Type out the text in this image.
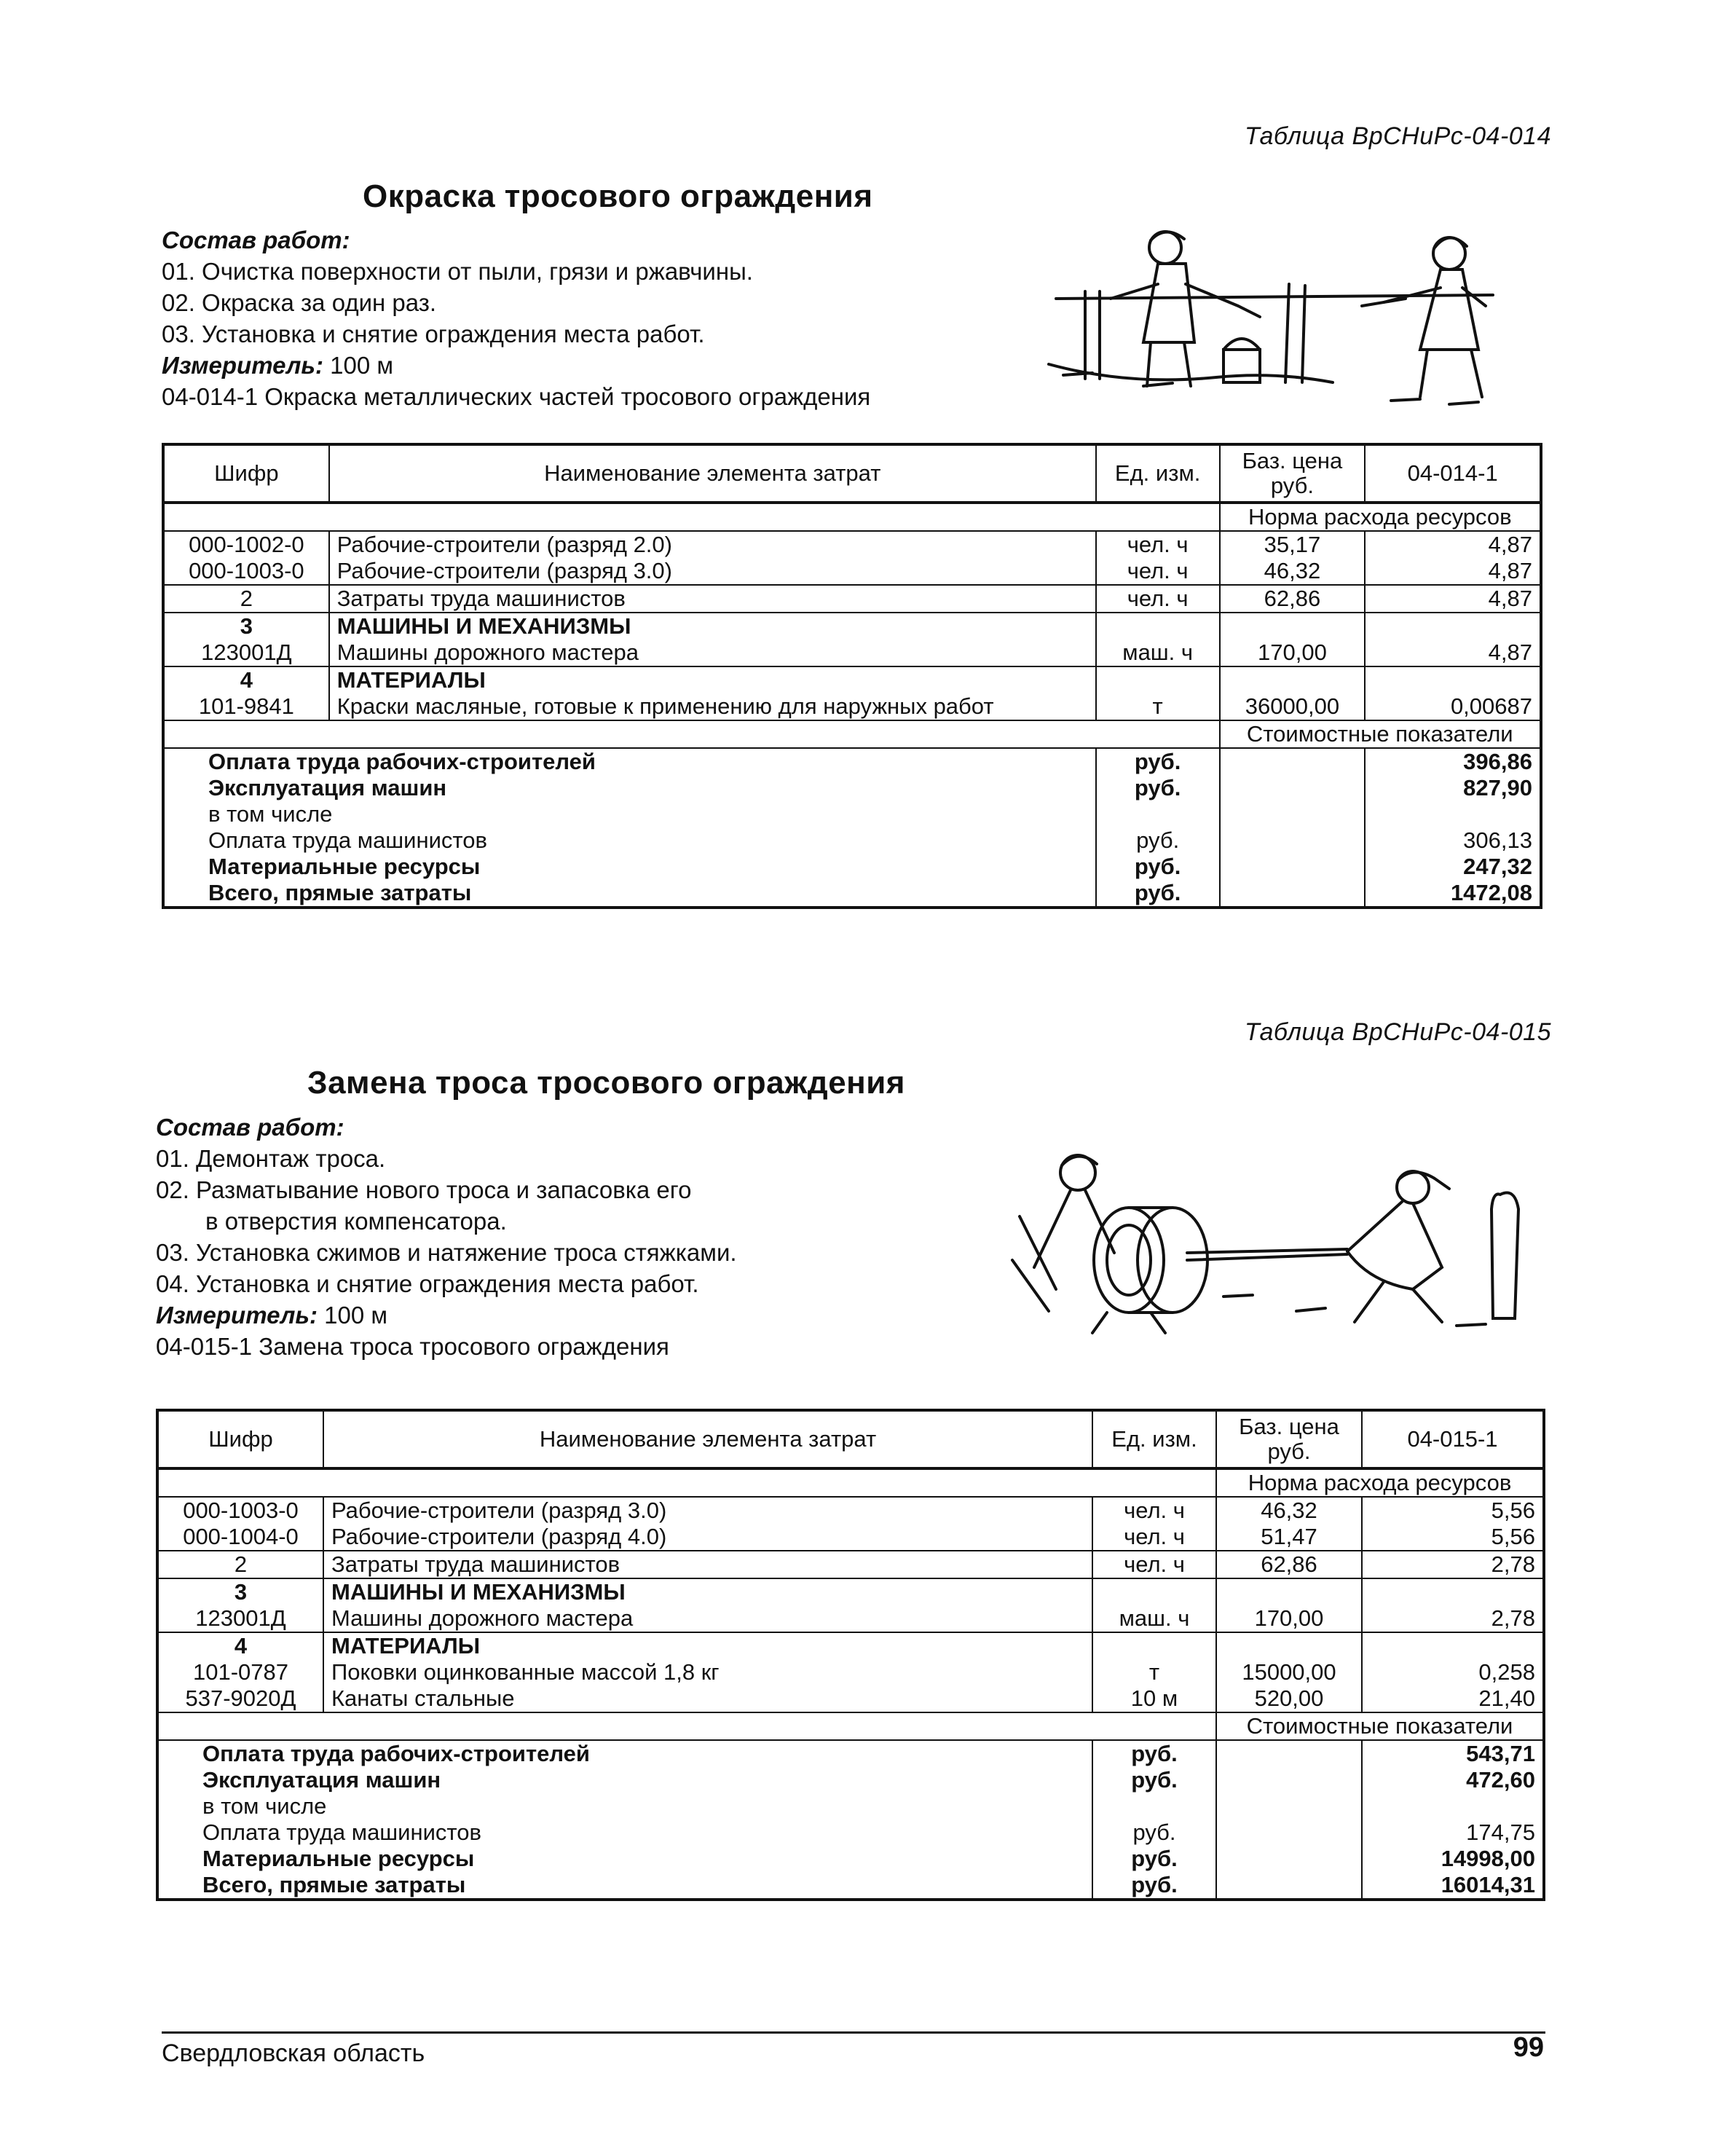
Таблица ВрСНиРс-04-014
Окраска тросового ограждения
Состав работ:
01. Очистка поверхности от пыли, грязи и ржавчины.
02. Окраска за один раз.
03. Установка и снятие ограждения места работ.
Измеритель: 100 м
04-014-1 Окраска металлических частей тросового ограждения
Шифр	Наименование элемента затрат	Ед. изм.	Баз. цена руб.	04-014-1
			Норма расхода ресурсов	
000-1002-0	Рабочие-строители (разряд 2.0)	чел. ч	35,17	4,87
000-1003-0	Рабочие-строители (разряд 3.0)	чел. ч	46,32	4,87
2	Затраты труда машинистов	чел. ч	62,86	4,87
3	МАШИНЫ И МЕХАНИЗМЫ			
123001Д	Машины дорожного мастера	маш. ч	170,00	4,87
4	МАТЕРИАЛЫ			
101-9841	Краски масляные, готовые к применению для наружных работ	т	36000,00	0,00687
			Стоимостные показатели	
Оплата труда рабочих-строителей		руб.		396,86
Эксплуатация машин		руб.		827,90
в том числе				
Оплата труда машинистов		руб.		306,13
Материальные ресурсы		руб.		247,32
Всего, прямые затраты		руб.		1472,08
Таблица ВрСНиРс-04-015
Замена троса тросового ограждения
Состав работ:
01. Демонтаж троса.
02. Разматывание нового троса и запасовка его
в отверстия компенсатора.
03. Установка сжимов и натяжение троса стяжками.
04. Установка и снятие ограждения места работ.
Измеритель: 100 м
04-015-1 Замена троса тросового ограждения
Шифр	Наименование элемента затрат	Ед. изм.	Баз. цена руб.	04-015-1
			Норма расхода ресурсов	
000-1003-0	Рабочие-строители (разряд 3.0)	чел. ч	46,32	5,56
000-1004-0	Рабочие-строители (разряд 4.0)	чел. ч	51,47	5,56
2	Затраты труда машинистов	чел. ч	62,86	2,78
3	МАШИНЫ И МЕХАНИЗМЫ			
123001Д	Машины дорожного мастера	маш. ч	170,00	2,78
4	МАТЕРИАЛЫ			
101-0787	Поковки оцинкованные массой 1,8 кг	т	15000,00	0,258
537-9020Д	Канаты стальные	10 м	520,00	21,40
			Стоимостные показатели	
Оплата труда рабочих-строителей		руб.		543,71
Эксплуатация машин		руб.		472,60
в том числе				
Оплата труда машинистов		руб.		174,75
Материальные ресурсы		руб.		14998,00
Всего, прямые затраты		руб.		16014,31
Свердловская область	99
